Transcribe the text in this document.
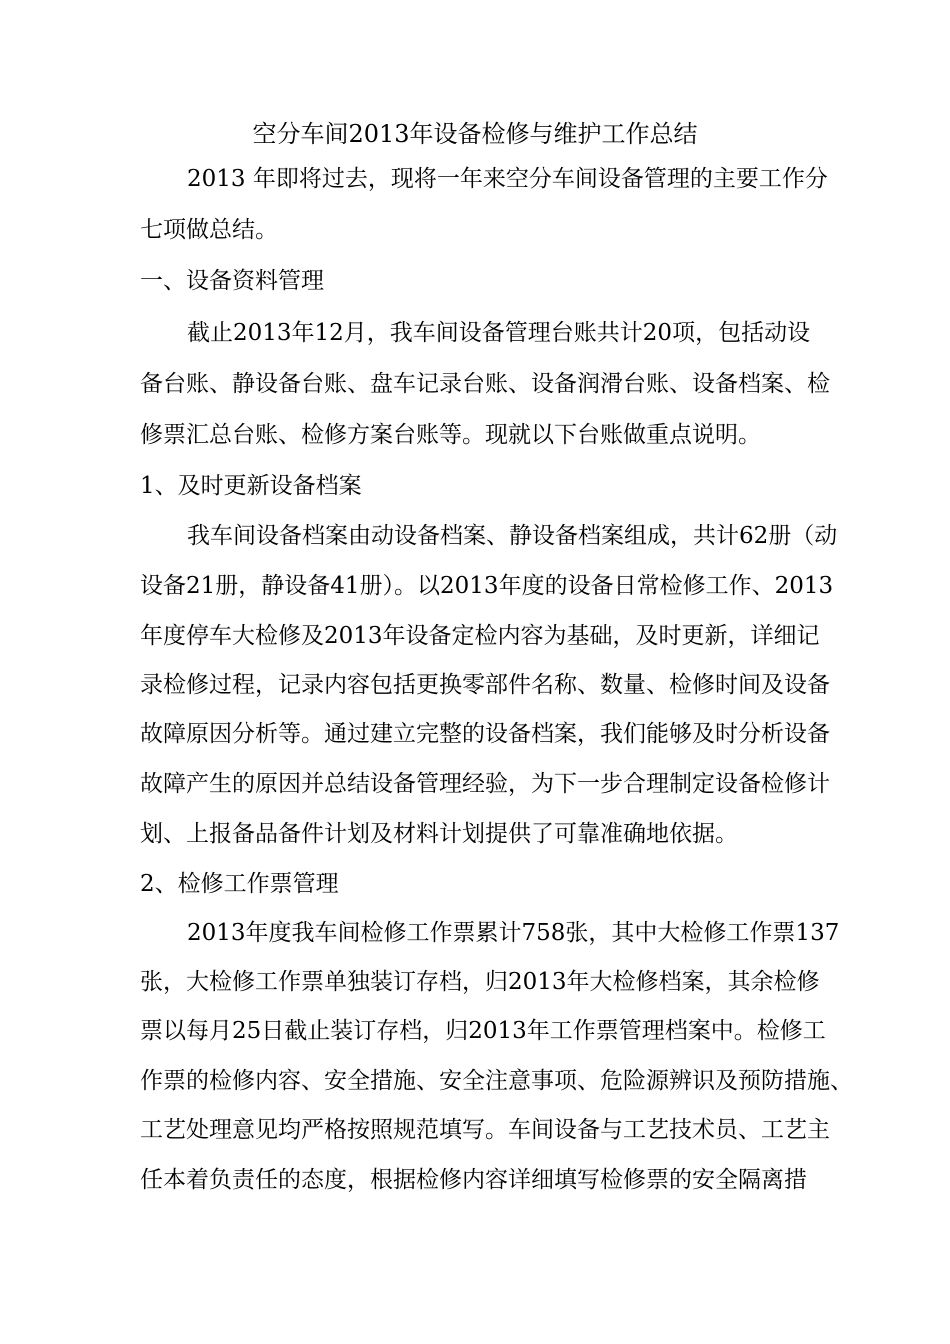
空分车间2013年设备检修与维护工作总结
2013 年即将过去，现将一年来空分车间设备管理的主要工作分
七项做总结。
一、设备资料管理
截止2013年12月，我车间设备管理台账共计20项，包括动设
备台账、静设备台账、盘车记录台账、设备润滑台账、设备档案、检
修票汇总台账、检修方案台账等。现就以下台账做重点说明。
1、及时更新设备档案
我车间设备档案由动设备档案、静设备档案组成，共计62册（动
设备21册，静设备41册）。以2013年度的设备日常检修工作、2013
年度停车大检修及2013年设备定检内容为基础，及时更新，详细记
录检修过程，记录内容包括更换零部件名称、数量、检修时间及设备
故障原因分析等。通过建立完整的设备档案，我们能够及时分析设备
故障产生的原因并总结设备管理经验，为下一步合理制定设备检修计
划、上报备品备件计划及材料计划提供了可靠准确地依据。
2、检修工作票管理
2013年度我车间检修工作票累计758张，其中大检修工作票137
张，大检修工作票单独装订存档，归2013年大检修档案，其余检修
票以每月25日截止装订存档，归2013年工作票管理档案中。检修工
作票的检修内容、安全措施、安全注意事项、危险源辨识及预防措施、
工艺处理意见均严格按照规范填写。车间设备与工艺技术员、工艺主
任本着负责任的态度，根据检修内容详细填写检修票的安全隔离措
